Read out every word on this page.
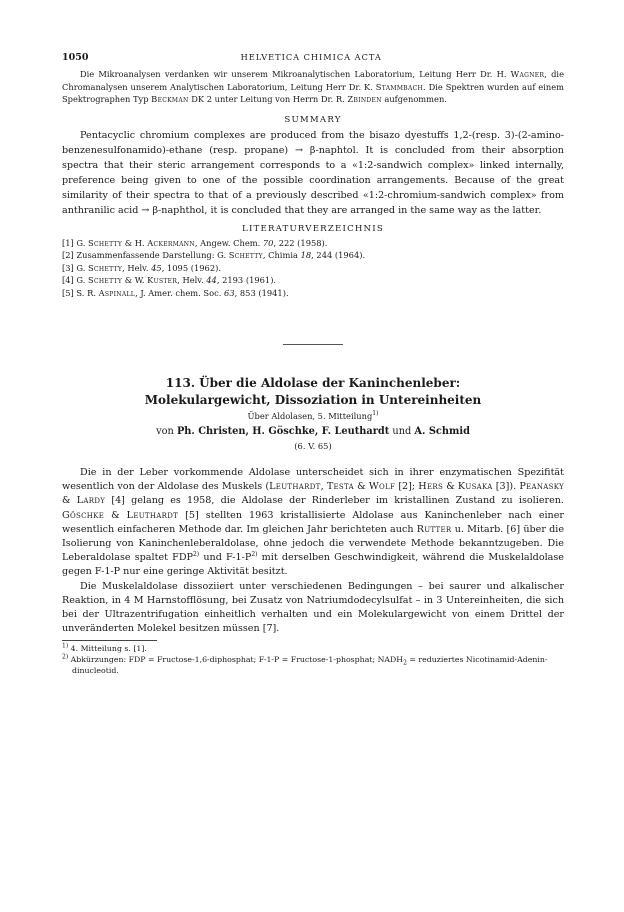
1050	HELVETICA CHIMICA ACTA

Die Mikroanalysen verdanken wir unserem Mikroanalytischen Laboratorium, Leitung Herr Dr. H. Wagner, die Chromanalysen unserem Analytischen Laboratorium, Leitung Herr Dr. K. Stammbach. Die Spektren wurden auf einem Spektrographen Typ Beckman DK 2 unter Leitung von Herrn Dr. R. Zbinden aufgenommen.

SUMMARY

Pentacyclic chromium complexes are produced from the bisazo dyestuffs 1,2-(resp. 3)-(2-amino-benzenesulfonamido)-ethane (resp. propane) → β-naphtol. It is concluded from their absorption spectra that their steric arrangement corresponds to a «1:2-sandwich complex» linked internally, preference being given to one of the possible coordination arrangements. Because of the great similarity of their spectra to that of a previously described «1:2-chromium-sandwich complex» from anthranilic acid → β-naphthol, it is concluded that they are arranged in the same way as the latter.

LITERATURVERZEICHNIS
[1] G. Schetty & H. Ackermann, Angew. Chem. 70, 222 (1958).
[2] Zusammenfassende Darstellung: G. Schetty, Chimia 18, 244 (1964).
[3] G. Schetty, Helv. 45, 1095 (1962).
[4] G. Schetty & W. Kuster, Helv. 44, 2193 (1961).
[5] S. R. Aspinall, J. Amer. chem. Soc. 63, 853 (1941).

113. Über die Aldolase der Kaninchenleber:
Molekulargewicht, Dissoziation in Untereinheiten

Über Aldolasen, 5. Mitteilung$^{1)}$

von Ph. Christen, H. Göschke, F. Leuthardt und A. Schmid

(6. V. 65)

Die in der Leber vorkommende Aldolase unterscheidet sich in ihrer enzymatischen Spezifität wesentlich von der Aldolase des Muskels (Leuthardt, Testa & Wolf [2]; Hers & Kusaka [3]). Peanasky & Lardy [4] gelang es 1958, die Aldolase der Rinderleber im kristallinen Zustand zu isolieren. Göschke & Leuthardt [5] stellten 1963 kristallisierte Aldolase aus Kaninchenleber nach einer wesentlich einfacheren Methode dar. Im gleichen Jahr berichteten auch Rutter u. Mitarb. [6] über die Isolierung von Kaninchenleberaldolase, ohne jedoch die verwendete Methode bekanntzugeben. Die Leberaldolase spaltet FDP$^{2)}$ und $F-1-P^{2)}$ mit derselben Geschwindigkeit, während die Muskelaldolase gegen F-1-P nur eine geringe Aktivität besitzt.

Die Muskelaldolase dissoziiert unter verschiedenen Bedingungen – bei saurer und alkalischer Reaktion, in 4 M Harnstofflösung, bei Zusatz von Natriumdodecylsulfat – in 3 Untereinheiten, die sich bei der Ultrazentrifugation einheitlich verhalten und ein Molekulargewicht von einem Drittel der unveränderten Molekel besitzen müssen [7].

$^{1)}$ 4. Mitteilung s. [1].

$^{2)}$ Abkürzungen: FDP = Fructose-1,6-diphosphat; F-1-P = Fructose-1-phosphat; $NADH_2$ = reduziertes Nicotinamid-Adenin-dinucleotid.
